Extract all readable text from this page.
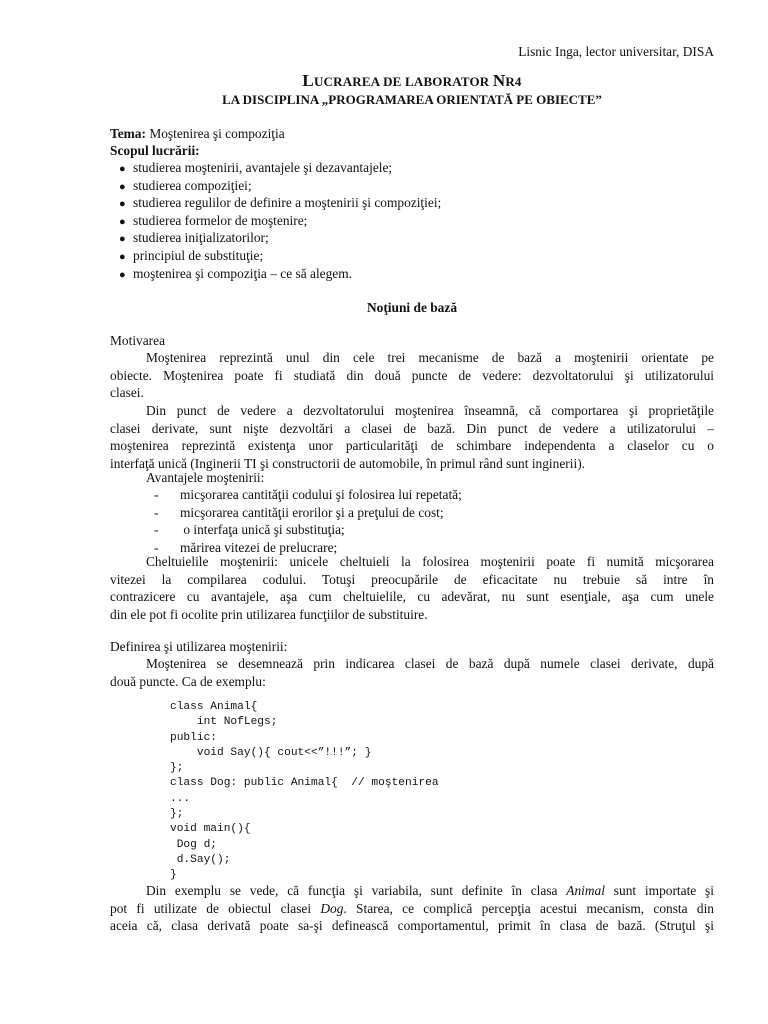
Lisnic Inga, lector universitar, DISA
LUCRAREA DE LABORATOR NR4
LA DISCIPLINA „PROGRAMAREA ORIENTATĂ PE OBIECTE”
Tema: Moştenirea şi compoziţia
Scopul lucrării:
● studierea moştenirii, avantajele şi dezavantajele;
● studierea compoziţiei;
● studierea regulilor de definire a moştenirii şi compoziţiei;
● studierea formelor de moştenire;
● studierea iniţializatorilor;
● principiul de substituţie;
● moştenirea şi compoziţia – ce să alegem.
Noţiuni de bază
Motivarea
Moştenirea reprezintă unul din cele trei mecanisme de bază a moştenirii orientate pe
obiecte. Moştenirea poate fi studiată din două puncte de vedere: dezvoltatorului şi utilizatorului
clasei.
Din punct de vedere a dezvoltatorului moştenirea înseamnă, că comportarea şi proprietăţile
clasei derivate, sunt nişte dezvoltări a clasei de bază. Din punct de vedere a utilizatorului –
moştenirea reprezintă existenţa unor particularităţi de schimbare independenta a claselor cu o
interfaţă unică (Inginerii TI şi constructorii de automobile, în primul rând sunt inginerii).
Avantajele moştenirii:
- micşorarea cantităţii codului şi folosirea lui repetată;
- micşorarea cantităţii erorilor şi a preţului de cost;
- o interfaţa unică şi substituţia;
- mărirea vitezei de prelucrare;
Cheltuielile moştenirii: unicele cheltuieli la folosirea moştenirii poate fi numită micşorarea
vitezei la compilarea codului. Totuşi preocupările de eficacitate nu trebuie să intre în
contrazicere cu avantajele, aşa cum cheltuielile, cu adevărat, nu sunt esenţiale, aşa cum unele
din ele pot fi ocolite prin utilizarea funcţiilor de substituire.
Definirea şi utilizarea moştenirii:
Moştenirea se desemnează prin indicarea clasei de bază după numele clasei derivate, după
două puncte. Ca de exemplu:
class Animal{
int NofLegs;
public:
void Say(){ cout<<”!!!”; }
};
class Dog: public Animal{  // moştenirea
...
};
void main(){
Dog d;
d.Say();
}
Din exemplu se vede, că funcţia şi variabila, sunt definite în clasa Animal sunt importate şi
pot fi utilizate de obiectul clasei Dog. Starea, ce complică percepţia acestui mecanism, consta din
aceia că, clasa derivată poate sa-şi definească comportamentul, primit în clasa de bază. (Struţul şi
